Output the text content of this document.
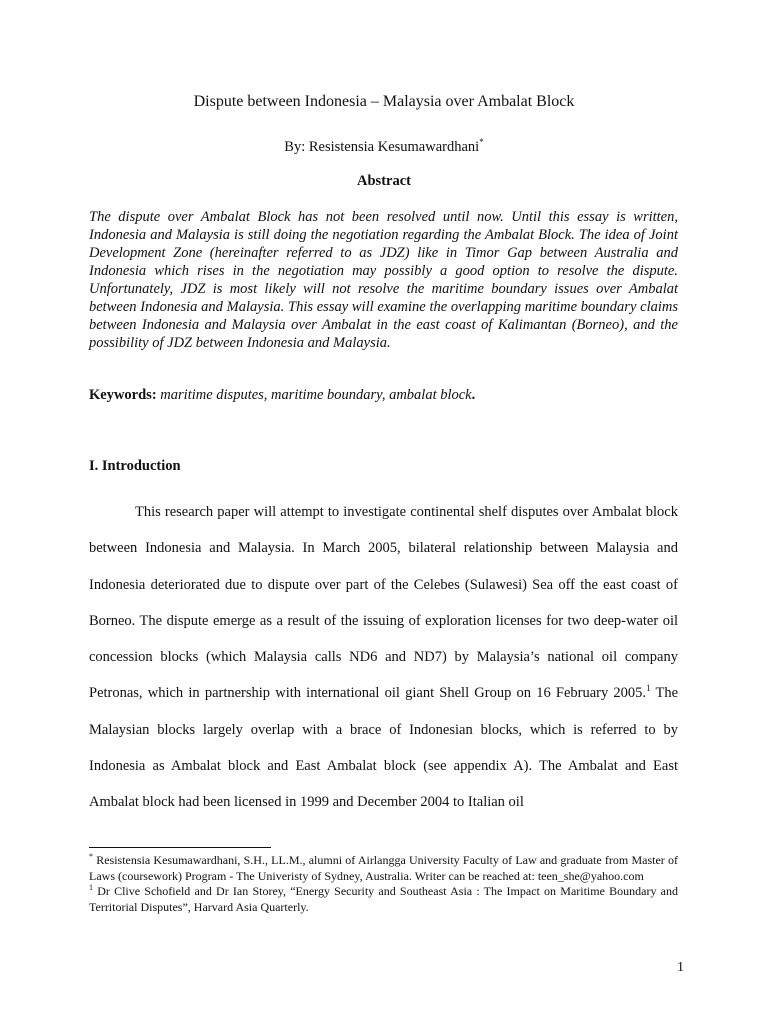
Dispute between Indonesia – Malaysia over Ambalat Block
By: Resistensia Kesumawardhani*
Abstract

The dispute over Ambalat Block has not been resolved until now. Until this essay is written, Indonesia and Malaysia is still doing the negotiation regarding the Ambalat Block. The idea of Joint Development Zone (hereinafter referred to as JDZ) like in Timor Gap between Australia and Indonesia which rises in the negotiation may possibly a good option to resolve the dispute. Unfortunately, JDZ is most likely will not resolve the maritime boundary issues over Ambalat between Indonesia and Malaysia. This essay will examine the overlapping maritime boundary claims between Indonesia and Malaysia over Ambalat in the east coast of Kalimantan (Borneo), and the possibility of JDZ between Indonesia and Malaysia.

Keywords: maritime disputes, maritime boundary, ambalat block.

I. Introduction

This research paper will attempt to investigate continental shelf disputes over Ambalat block between Indonesia and Malaysia. In March 2005, bilateral relationship between Malaysia and Indonesia deteriorated due to dispute over part of the Celebes (Sulawesi) Sea off the east coast of Borneo. The dispute emerge as a result of the issuing of exploration licenses for two deep-water oil concession blocks (which Malaysia calls ND6 and ND7) by Malaysia’s national oil company Petronas, which in partnership with international oil giant Shell Group on 16 February 2005.$^1$ The Malaysian blocks largely overlap with a brace of Indonesian blocks, which is referred to by Indonesia as Ambalat block and East Ambalat block (see appendix A). The Ambalat and East Ambalat block had been licensed in 1999 and December 2004 to Italian oil

* Resistensia Kesumawardhani, S.H., LL.M., alumni of Airlangga University Faculty of Law and graduate from Master of Laws (coursework) Program - The Univeristy of Sydney, Australia. Writer can be reached at: teen_she@yahoo.com

$^1$ Dr Clive Schofield and Dr Ian Storey, “Energy Security and Southeast Asia : The Impact on Maritime Boundary and Territorial Disputes”, Harvard Asia Quarterly.

1
